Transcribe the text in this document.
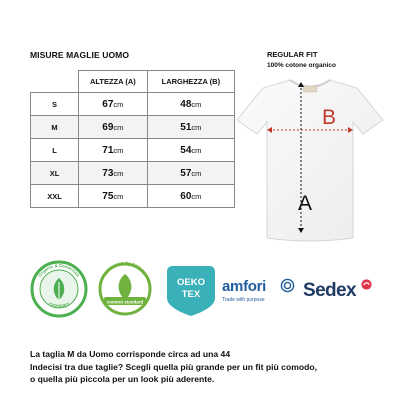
MISURE MAGLIE UOMO	REGULAR FIT
100% cotone organico
	ALTEZZA (A)	LARGHEZZA (B)
S	67cm	48cm
M	69cm	51cm
L	71cm	54cm
XL	73cm	57cm
XXL	75cm	60cm
B
A
Organic & Conscious
CERTIFIED
ORGANIC BLENDED
content standard
OEKO
TEX amfori
Trade with purpose	Sedex
La taglia M da Uomo corrisponde circa ad una 44
Indecisi tra due taglie? Scegli quella più grande per un fit più comodo,
o quella più piccola per un look più aderente.
